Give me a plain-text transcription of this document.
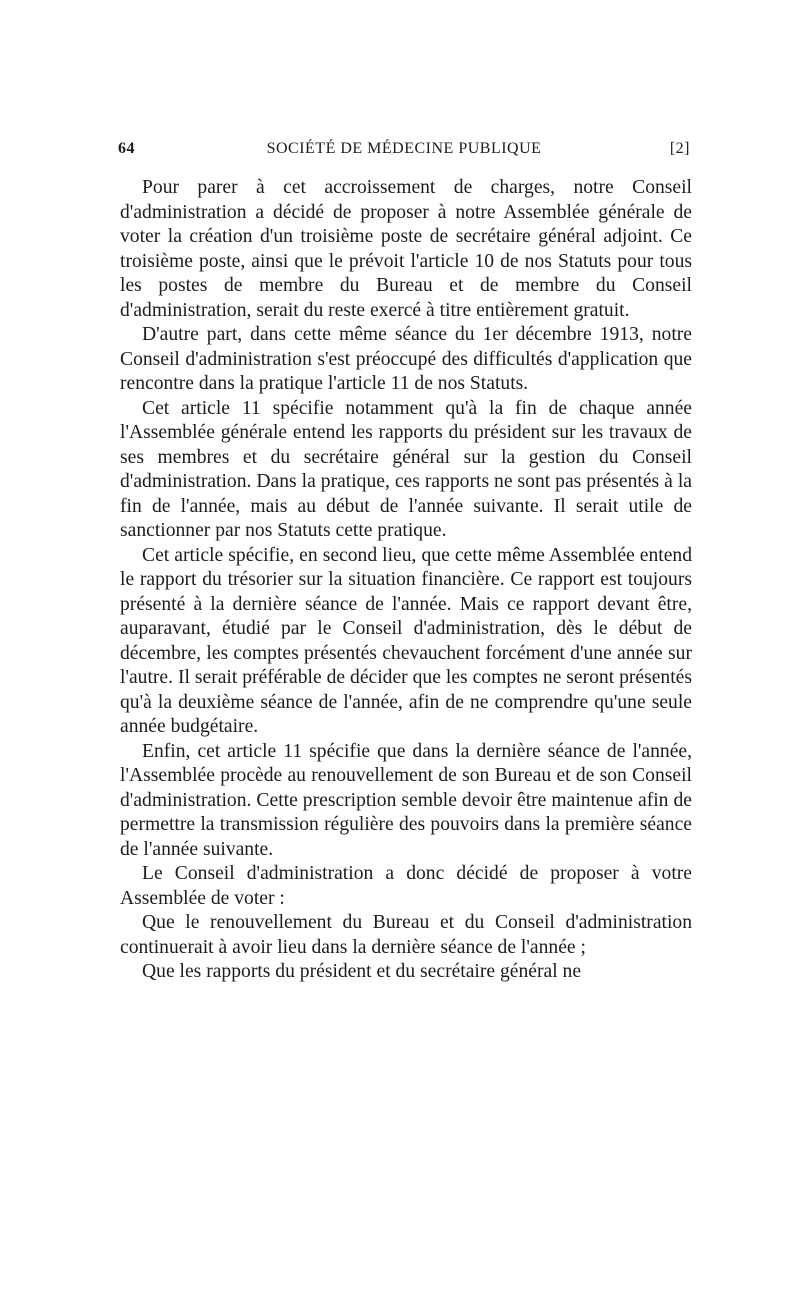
64	SOCIÉTÉ DE MÉDECINE PUBLIQUE	[2]

Pour parer à cet accroissement de charges, notre Conseil d'administration a décidé de proposer à notre Assemblée générale de voter la création d'un troisième poste de secrétaire général adjoint. Ce troisième poste, ainsi que le prévoit l'article 10 de nos Statuts pour tous les postes de membre du Bureau et de membre du Conseil d'administration, serait du reste exercé à titre entièrement gratuit.

D'autre part, dans cette même séance du 1er décembre 1913, notre Conseil d'administration s'est préoccupé des difficultés d'application que rencontre dans la pratique l'article 11 de nos Statuts.

Cet article 11 spécifie notamment qu'à la fin de chaque année l'Assemblée générale entend les rapports du président sur les travaux de ses membres et du secrétaire général sur la gestion du Conseil d'administration. Dans la pratique, ces rapports ne sont pas présentés à la fin de l'année, mais au début de l'année suivante. Il serait utile de sanctionner par nos Statuts cette pratique.

Cet article spécifie, en second lieu, que cette même Assemblée entend le rapport du trésorier sur la situation financière. Ce rapport est toujours présenté à la dernière séance de l'année. Mais ce rapport devant être, auparavant, étudié par le Conseil d'administration, dès le début de décembre, les comptes présentés chevauchent forcément d'une année sur l'autre. Il serait préférable de décider que les comptes ne seront présentés qu'à la deuxième séance de l'année, afin de ne comprendre qu'une seule année budgétaire.

Enfin, cet article 11 spécifie que dans la dernière séance de l'année, l'Assemblée procède au renouvellement de son Bureau et de son Conseil d'administration. Cette prescription semble devoir être maintenue afin de permettre la transmission régulière des pouvoirs dans la première séance de l'année suivante.

Le Conseil d'administration a donc décidé de proposer à votre Assemblée de voter :

Que le renouvellement du Bureau et du Conseil d'administration continuerait à avoir lieu dans la dernière séance de l'année ;

Que les rapports du président et du secrétaire général ne
